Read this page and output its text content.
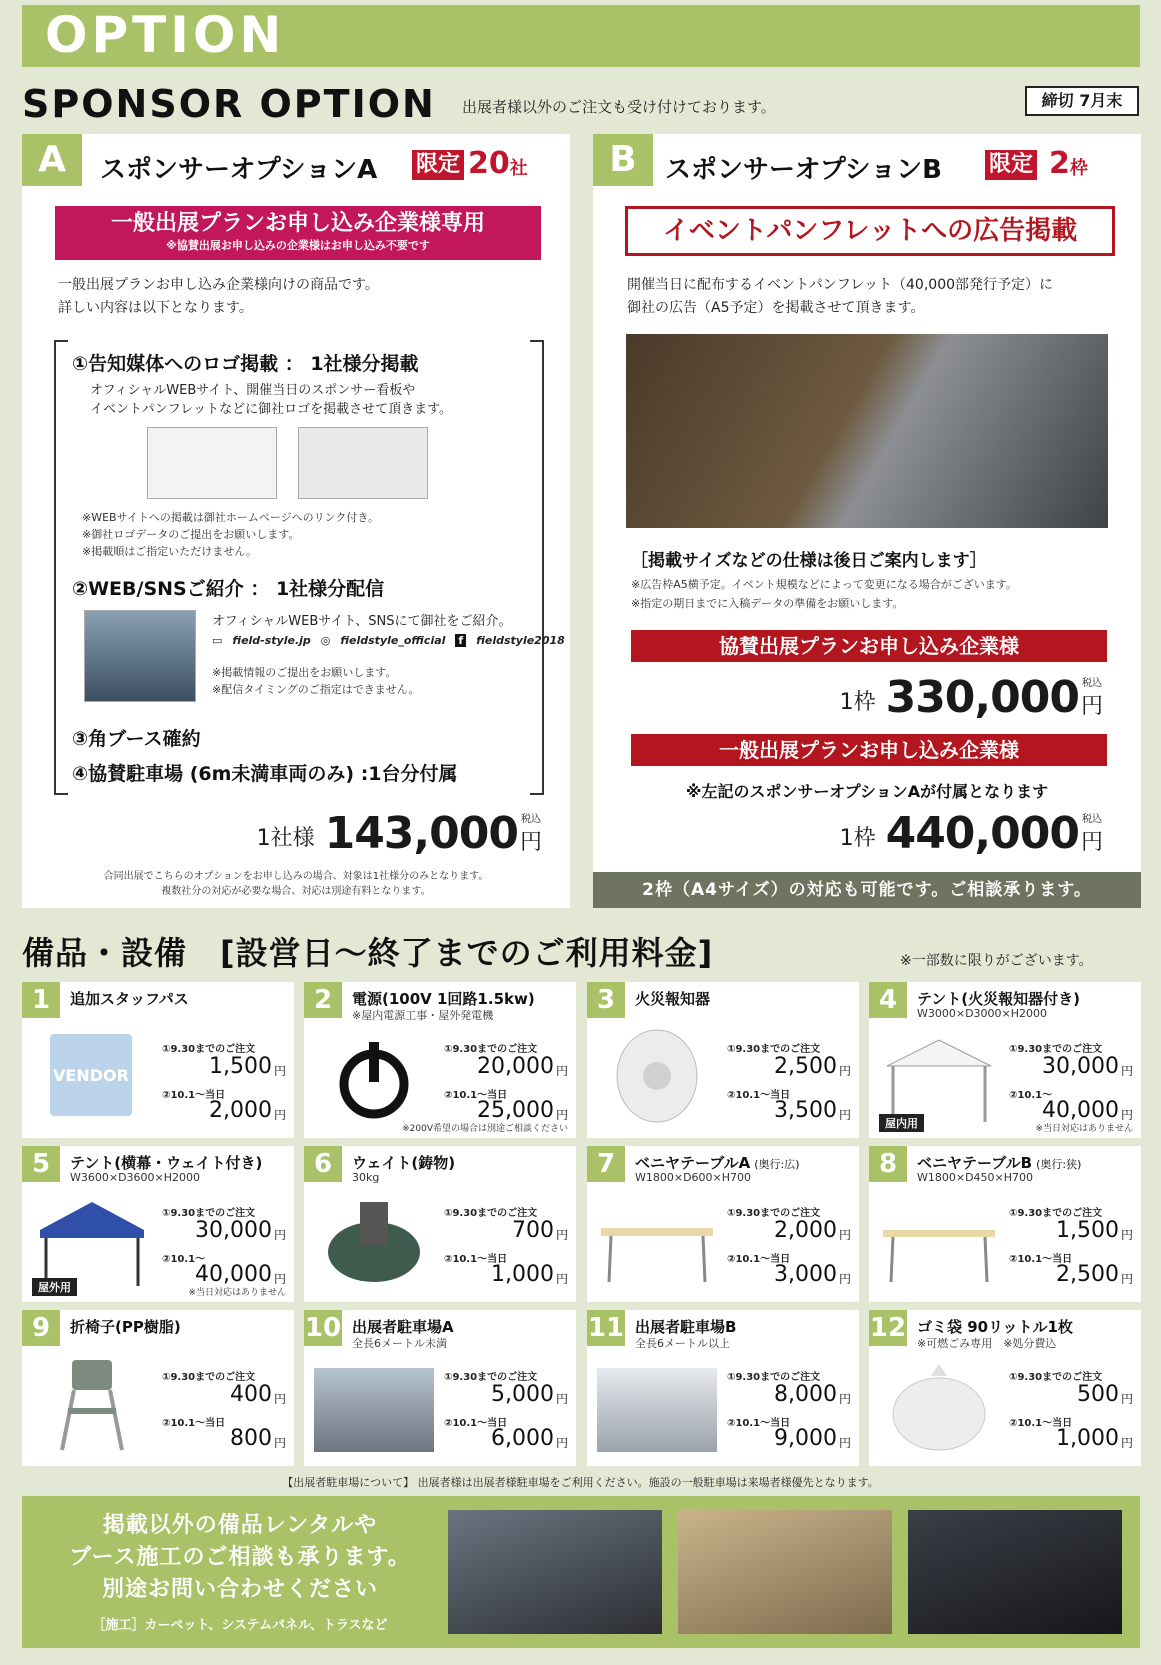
OPTION
SPONSOR OPTION 出展者様以外のご注文も受け付けております。	締切 7月末
A	スポンサーオプションA 限定 20 社
一般出展プランお申し込み企業様専用
※協賛出展お申し込みの企業様はお申し込み不要です
一般出展プランお申し込み企業様向けの商品です。
詳しい内容は以下となります。
①告知媒体へのロゴ掲載 ： 1社様分掲載
オフィシャルWEBサイト、開催当日のスポンサー看板や
イベントパンフレットなどに御社ロゴを掲載させて頂きます。
※WEBサイトへの掲載は御社ホームページへのリンク付き。
※御社ロゴデータのご提出をお願いします。
※掲載順はご指定いただけません。
②WEB/SNSご紹介 ： 1社様分配信
オフィシャルWEBサイト、SNSにて御社をご紹介。
▭ field-style.jp ◎ fieldstyle_official f fieldstyle2018
※掲載情報のご提出をお願いします。
※配信タイミングのご指定はできません。
③角ブース確約
④協賛駐車場 (6m未満車両のみ) :1台分付属
1社様 143,000 税込
円
合同出展でこちらのオプションをお申し込みの場合、対象は1社様分のみとなります。
複数社分の対応が必要な場合、対応は別途有料となります。
B	スポンサーオプションB 限定 2 枠
イベントパンフレットへの広告掲載
開催当日に配布するイベントパンフレット（40,000部発行予定）に
御社の広告（A5予定）を掲載させて頂きます。
［掲載サイズなどの仕様は後日ご案内します］
※広告枠A5横予定。イベント規模などによって変更になる場合がございます。
※指定の期日までに入稿データの準備をお願いします。
協賛出展プランお申し込み企業様
1枠 330,000 税込
円
一般出展プランお申し込み企業様
※左記のスポンサーオプションAが付属となります
1枠 440,000 税込
円
2枠（A4サイズ）の対応も可能です。ご相談承ります。
備品・設備　[設営日〜終了までのご利用料金]	※一部数に限りがございます。
1	追加スタッフパス
VENDOR
①9.30までのご注文
1,500 円
②10.1〜当日
2,000 円
2	電源(100V 1回路1.5kw)
※屋内電源工事・屋外発電機
①9.30までのご注文
20,000 円
②10.1〜当日
25,000 円
※200V希望の場合は別途ご相談ください
3	火災報知器
①9.30までのご注文
2,500 円
②10.1〜当日
3,500 円
4	テント(火災報知器付き)
W3000×D3000×H2000
①9.30までのご注文
30,000 円
②10.1〜
40,000 円
※当日対応はありません
屋内用
5	テント(横幕・ウェイト付き)
W3600×D3600×H2000
①9.30までのご注文
30,000 円
②10.1〜
40,000 円
※当日対応はありません
屋外用
6	ウェイト(鋳物)
30kg
①9.30までのご注文
700 円
②10.1〜当日
1,000 円
7	ベニヤテーブルA (奥行:広)
W1800×D600×H700
①9.30までのご注文
2,000 円
②10.1〜当日
3,000 円
8	ベニヤテーブルB (奥行:狭)
W1800×D450×H700
①9.30までのご注文
1,500 円
②10.1〜当日
2,500 円
9	折椅子(PP樹脂)
①9.30までのご注文
400 円
②10.1〜当日
800 円
10 出展者駐車場A
全長6メートル未満
①9.30までのご注文
5,000 円
②10.1〜当日
6,000 円
11 出展者駐車場B
全長6メートル以上
①9.30までのご注文
8,000 円
②10.1〜当日
9,000 円
12 ゴミ袋 90リットル1枚
※可燃ごみ専用　※処分費込
①9.30までのご注文
500 円
②10.1〜当日
1,000 円
【出展者駐車場について】 出展者様は出展者様駐車場をご利用ください。施設の一般駐車場は来場者様優先となります。
掲載以外の備品レンタルや
ブース施工のご相談も承ります。
別途お問い合わせください
［施工］カーペット、システムパネル、トラスなど
